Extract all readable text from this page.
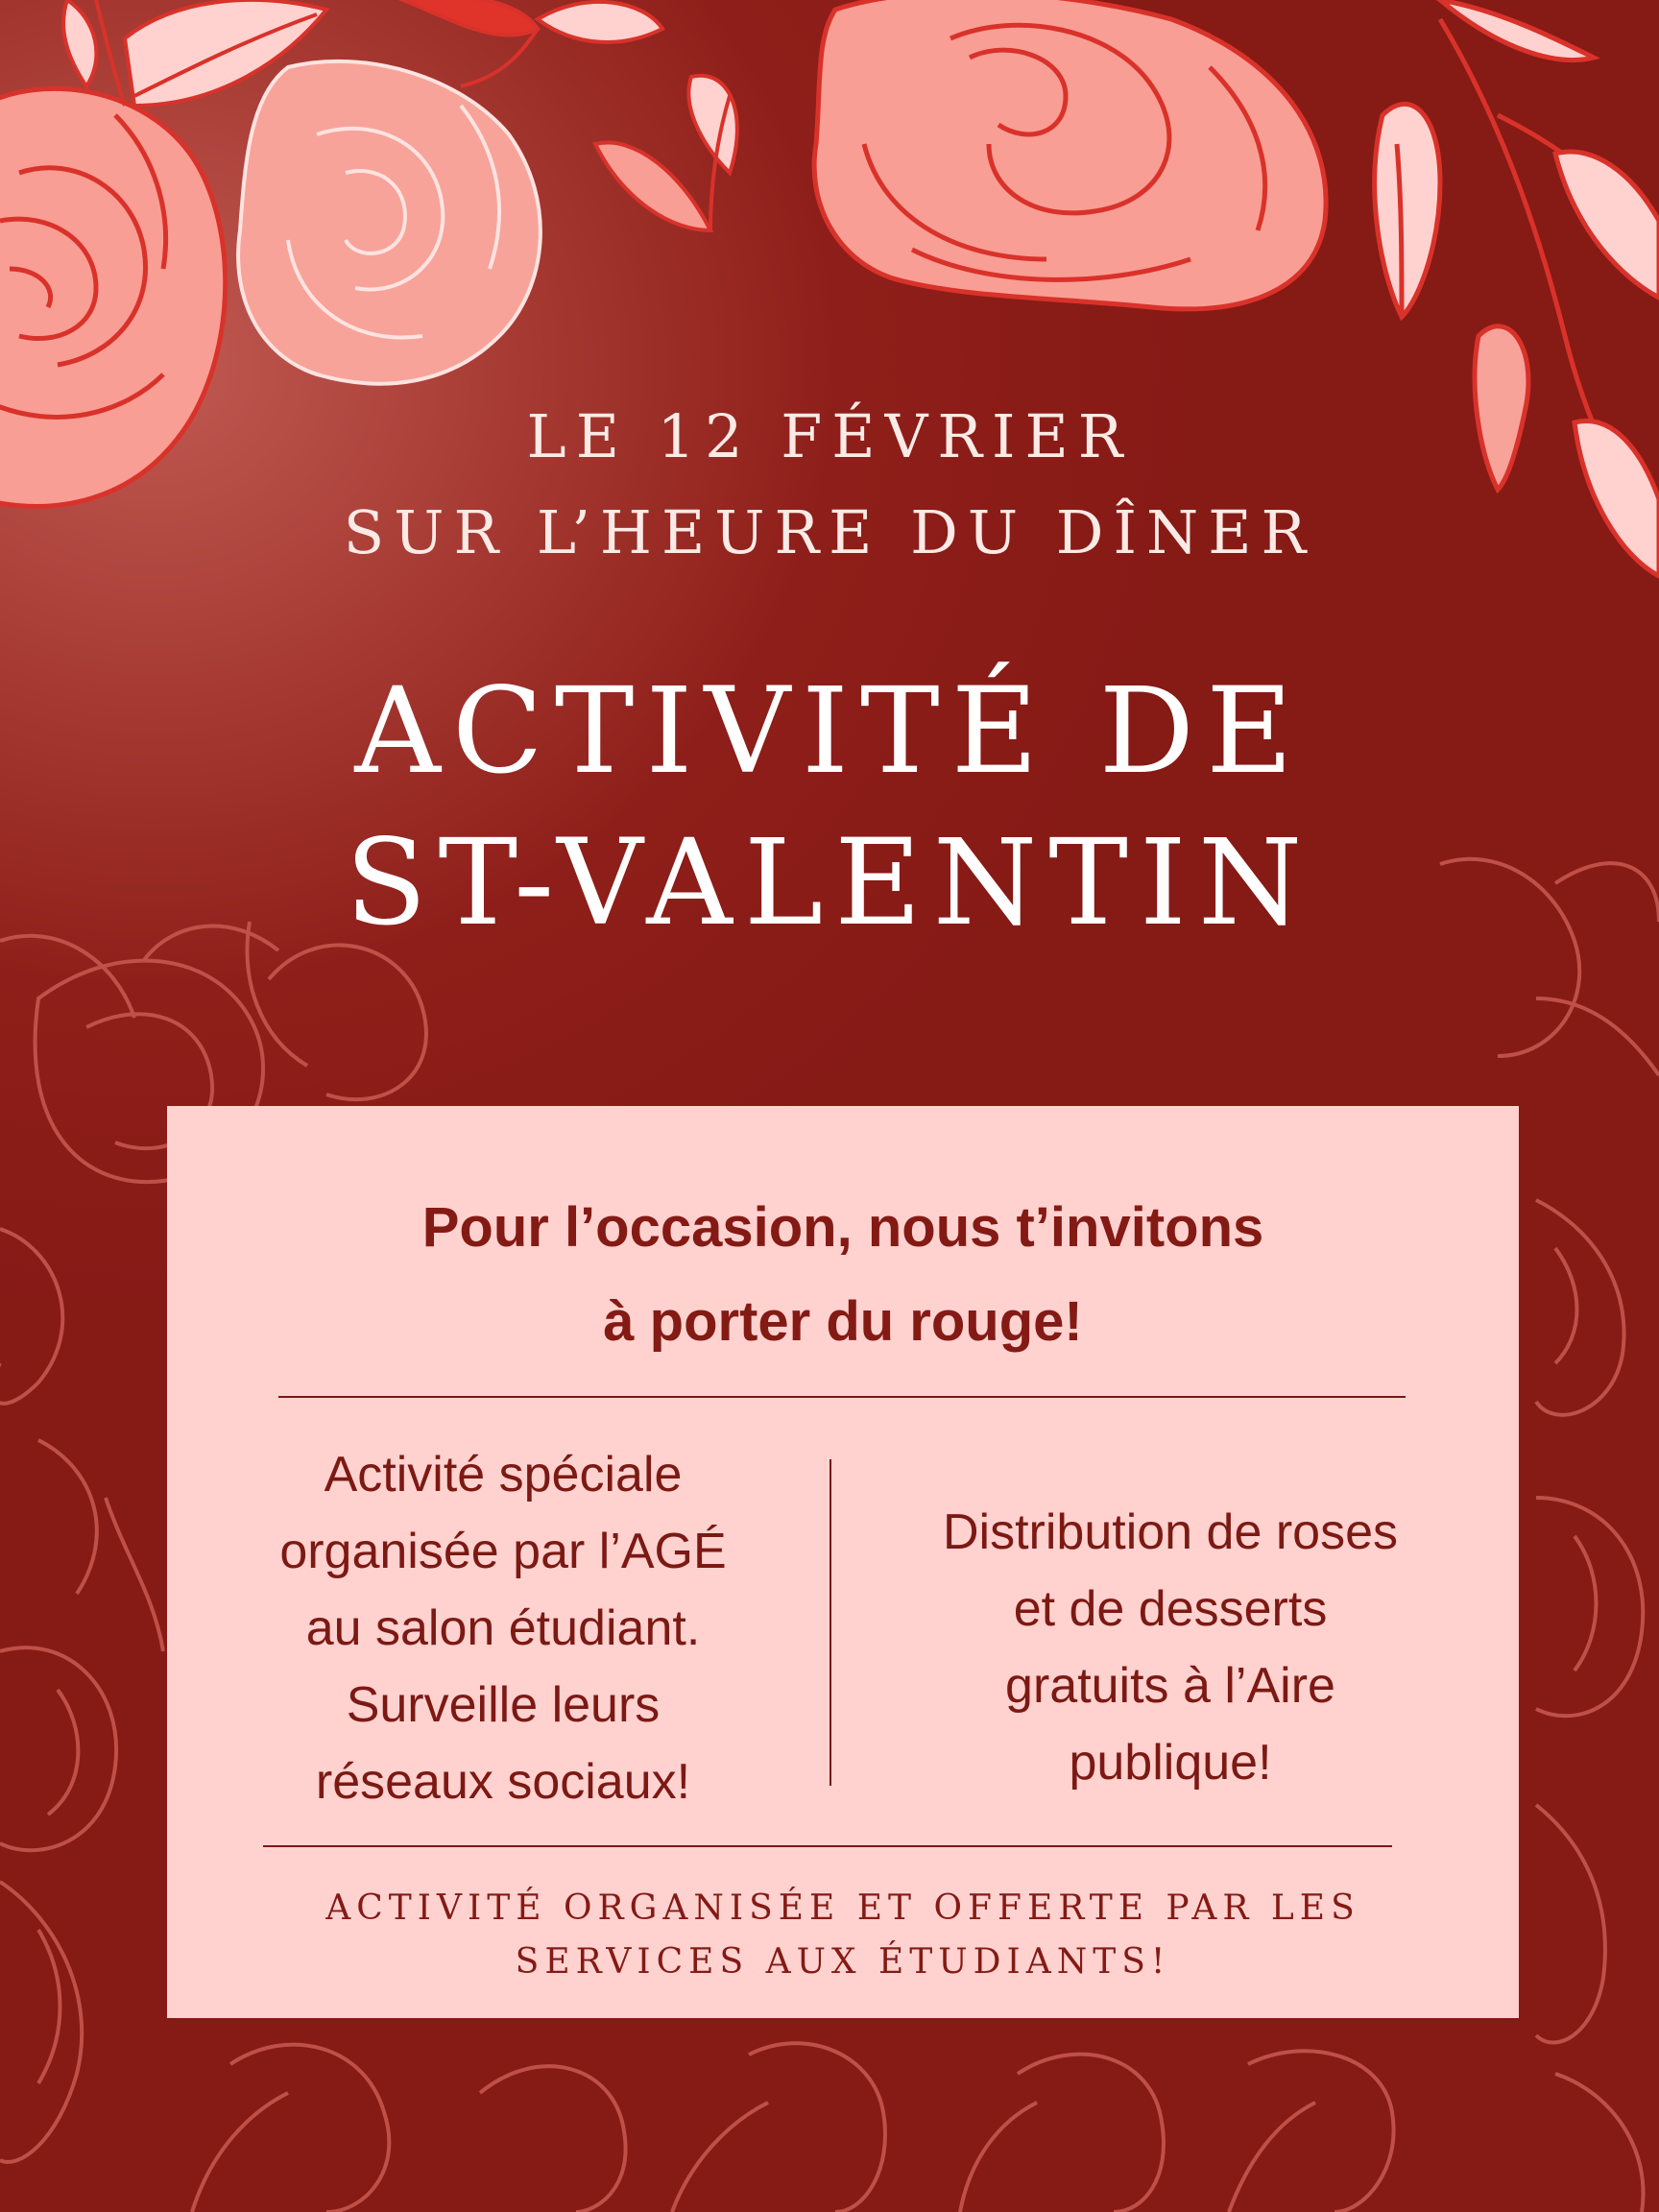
LE 12 FÉVRIER
SUR L’HEURE DU DÎNER
ACTIVITÉ DE
ST-VALENTIN
Pour l’occasion, nous t’invitons
à porter du rouge!
Activité spéciale
organisée par l’AGÉ
au salon étudiant.
Surveille leurs
réseaux sociaux!
Distribution de roses
et de desserts
gratuits à l’Aire
publique!
ACTIVITÉ ORGANISÉE ET OFFERTE PAR LES
SERVICES AUX ÉTUDIANTS!
